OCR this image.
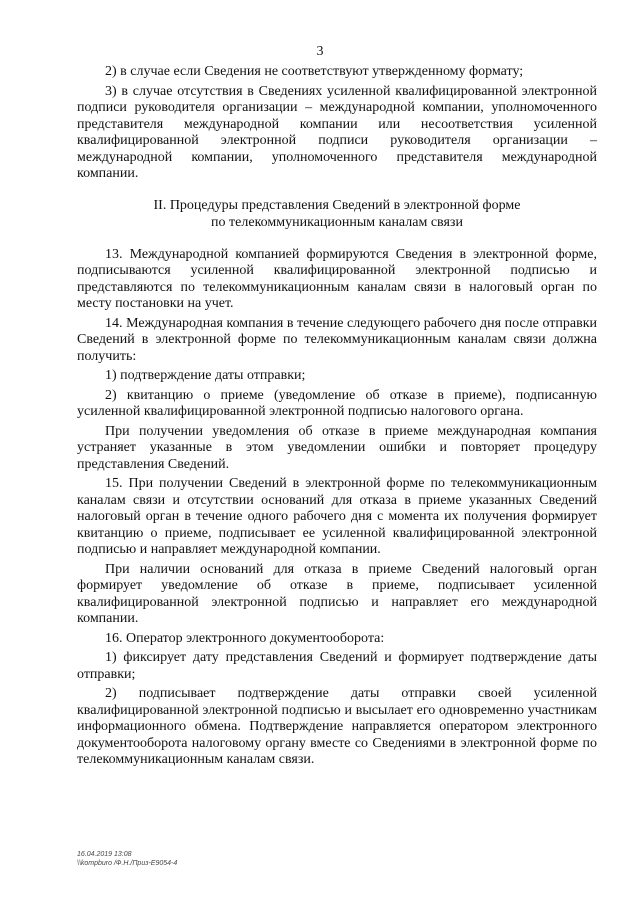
3

2) в случае если Сведения не соответствуют утвержденному формату;

3) в случае отсутствия в Сведениях усиленной квалифицированной электронной подписи руководителя организации – международной компании, уполномоченного представителя международной компании или несоответствия усиленной квалифицированной электронной подписи руководителя организации – международной компании, уполномоченного представителя международной компании.

II. Процедуры представления Сведений в электронной форме
по телекоммуникационным каналам связи

13. Международной компанией формируются Сведения в электронной форме, подписываются усиленной квалифицированной электронной подписью и представляются по телекоммуникационным каналам связи в налоговый орган по месту постановки на учет.

14. Международная компания в течение следующего рабочего дня после отправки Сведений в электронной форме по телекоммуникационным каналам связи должна получить:

1) подтверждение даты отправки;

2) квитанцию о приеме (уведомление об отказе в приеме), подписанную усиленной квалифицированной электронной подписью налогового органа.

При получении уведомления об отказе в приеме международная компания устраняет указанные в этом уведомлении ошибки и повторяет процедуру представления Сведений.

15. При получении Сведений в электронной форме по телекоммуникационным каналам связи и отсутствии оснований для отказа в приеме указанных Сведений налоговый орган в течение одного рабочего дня с момента их получения формирует квитанцию о приеме, подписывает ее усиленной квалифицированной электронной подписью и направляет международной компании.

При наличии оснований для отказа в приеме Сведений налоговый орган формирует уведомление об отказе в приеме, подписывает усиленной квалифицированной электронной подписью и направляет его международной компании.

16. Оператор электронного документооборота:

1) фиксирует дату представления Сведений и формирует подтверждение даты отправки;

2) подписывает подтверждение даты отправки своей усиленной квалифицированной электронной подписью и высылает его одновременно участникам информационного обмена. Подтверждение направляется оператором электронного документооборота налоговому органу вместе со Сведениями в электронной форме по телекоммуникационным каналам связи.

16.04.2019 13:08
\\kompburo /Ф.Н./Приз-Е9054-4
